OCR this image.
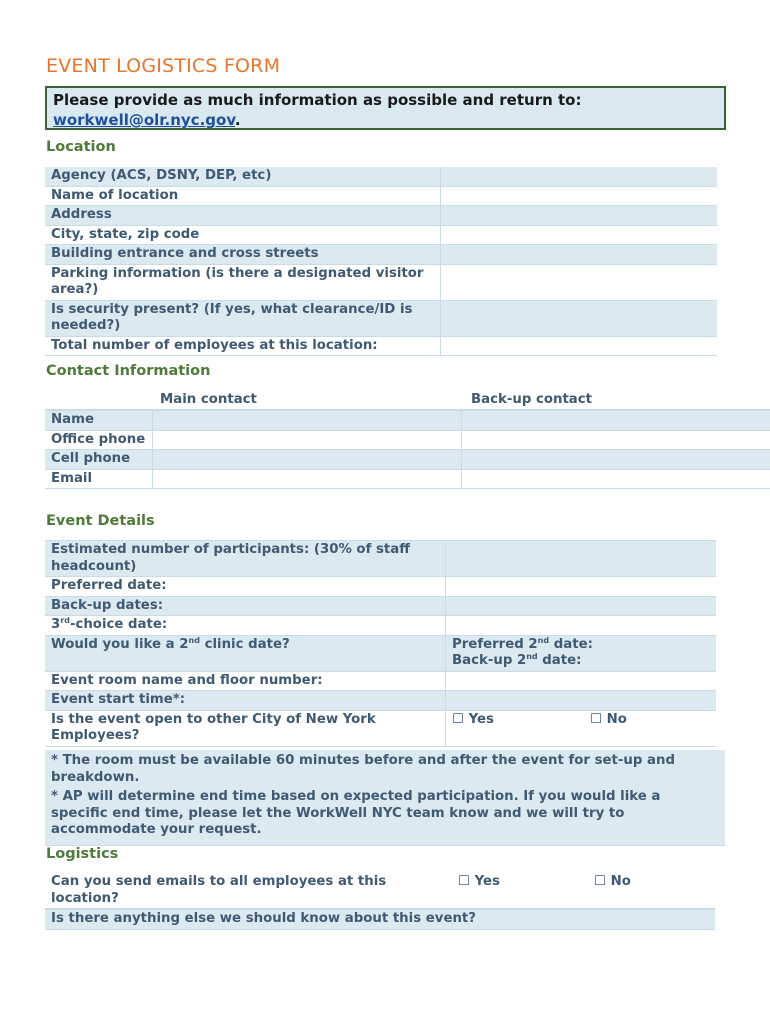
EVENT LOGISTICS FORM
Please provide as much information as possible and return to:
workwell@olr.nyc.gov.
Location
Agency (ACS, DSNY, DEP, etc)	
Name of location	
Address	
City, state, zip code	
Building entrance and cross streets	
Parking information (is there a designated visitor area?)	
Is security present? (If yes, what clearance/ID is needed?)	
Total number of employees at this location:	
Contact Information
Main contact	Back-up contact
Name		
Office phone		
Cell phone		
Email		
Event Details
Estimated number of participants: (30% of staff headcount)	
Preferred date:	
Back-up dates:	
3rd-choice date:	
Would you like a 2nd clinic date?	Preferred 2nd date:
Back-up 2nd date:
Event room name and floor number:	
Event start time*:	
Is the event open to other City of New York Employees?	☐ Yes ☐ No

* The room must be available 60 minutes before and after the event for set-up and breakdown.

* AP will determine end time based on expected participation. If you would like a specific end time, please let the WorkWell NYC team know and we will try to accommodate your request.

Logistics
Can you send emails to all employees at this location?	☐ Yes	☐ No
Is there anything else we should know about this event?
